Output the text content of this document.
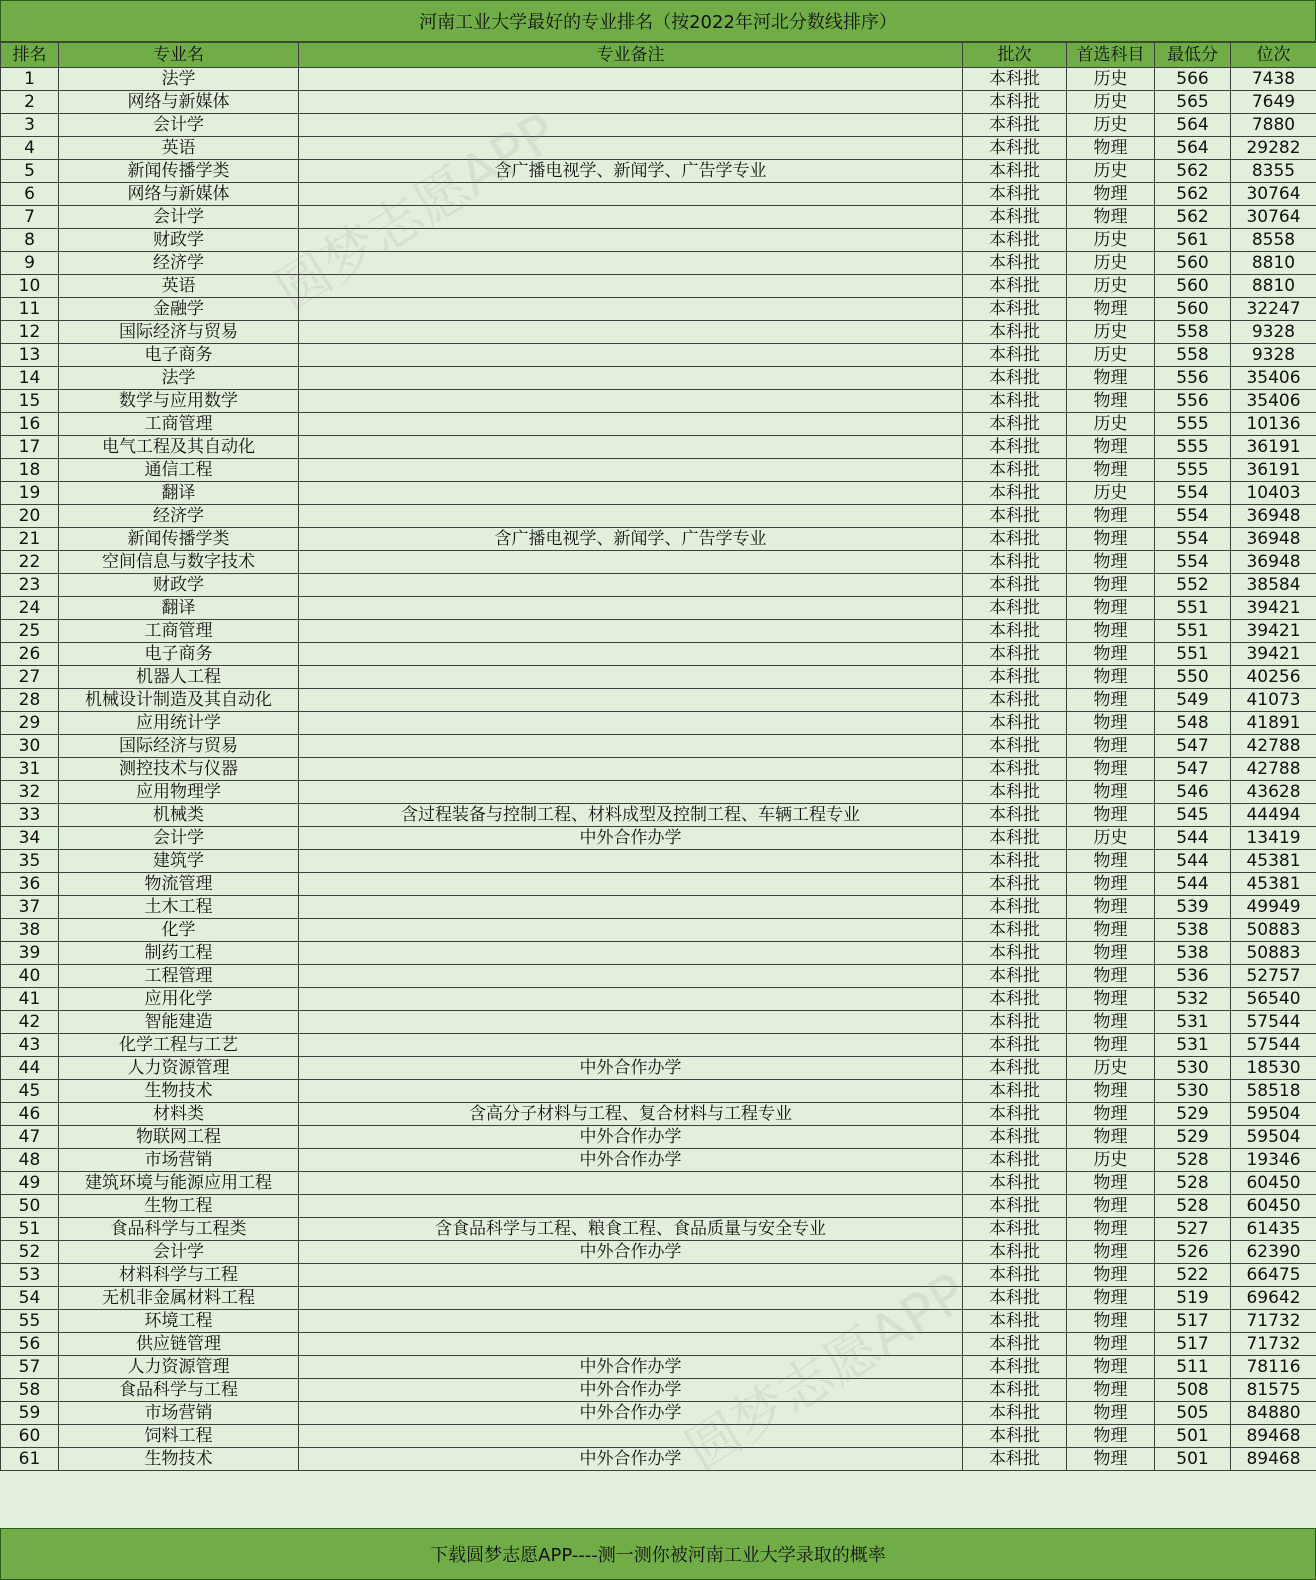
河南工业大学最好的专业排名（按2022年河北分数线排序）
排名	专业名	专业备注	批次	首选科目	最低分	位次
1	法学		本科批	历史	566	7438
2	网络与新媒体		本科批	历史	565	7649
3	会计学		本科批	历史	564	7880
4	英语		本科批	物理	564	29282
5	新闻传播学类	含广播电视学、新闻学、广告学专业	本科批	历史	562	8355
6	网络与新媒体		本科批	物理	562	30764
7	会计学		本科批	物理	562	30764
8	财政学		本科批	历史	561	8558
9	经济学		本科批	历史	560	8810
10	英语		本科批	历史	560	8810
11	金融学		本科批	物理	560	32247
12	国际经济与贸易		本科批	历史	558	9328
13	电子商务		本科批	历史	558	9328
14	法学		本科批	物理	556	35406
15	数学与应用数学		本科批	物理	556	35406
16	工商管理		本科批	历史	555	10136
17	电气工程及其自动化		本科批	物理	555	36191
18	通信工程		本科批	物理	555	36191
19	翻译		本科批	历史	554	10403
20	经济学		本科批	物理	554	36948
21	新闻传播学类	含广播电视学、新闻学、广告学专业	本科批	物理	554	36948
22	空间信息与数字技术		本科批	物理	554	36948
23	财政学		本科批	物理	552	38584
24	翻译		本科批	物理	551	39421
25	工商管理		本科批	物理	551	39421
26	电子商务		本科批	物理	551	39421
27	机器人工程		本科批	物理	550	40256
28	机械设计制造及其自动化		本科批	物理	549	41073
29	应用统计学		本科批	物理	548	41891
30	国际经济与贸易		本科批	物理	547	42788
31	测控技术与仪器		本科批	物理	547	42788
32	应用物理学		本科批	物理	546	43628
33	机械类	含过程装备与控制工程、材料成型及控制工程、车辆工程专业	本科批	物理	545	44494
34	会计学	中外合作办学	本科批	历史	544	13419
35	建筑学		本科批	物理	544	45381
36	物流管理		本科批	物理	544	45381
37	土木工程		本科批	物理	539	49949
38	化学		本科批	物理	538	50883
39	制药工程		本科批	物理	538	50883
40	工程管理		本科批	物理	536	52757
41	应用化学		本科批	物理	532	56540
42	智能建造		本科批	物理	531	57544
43	化学工程与工艺		本科批	物理	531	57544
44	人力资源管理	中外合作办学	本科批	历史	530	18530
45	生物技术		本科批	物理	530	58518
46	材料类	含高分子材料与工程、复合材料与工程专业	本科批	物理	529	59504
47	物联网工程	中外合作办学	本科批	物理	529	59504
48	市场营销	中外合作办学	本科批	历史	528	19346
49	建筑环境与能源应用工程		本科批	物理	528	60450
50	生物工程		本科批	物理	528	60450
51	食品科学与工程类	含食品科学与工程、粮食工程、食品质量与安全专业	本科批	物理	527	61435
52	会计学	中外合作办学	本科批	物理	526	62390
53	材料科学与工程		本科批	物理	522	66475
54	无机非金属材料工程		本科批	物理	519	69642
55	环境工程		本科批	物理	517	71732
56	供应链管理		本科批	物理	517	71732
57	人力资源管理	中外合作办学	本科批	物理	511	78116
58	食品科学与工程	中外合作办学	本科批	物理	508	81575
59	市场营销	中外合作办学	本科批	物理	505	84880
60	饲料工程		本科批	物理	501	89468
61	生物技术	中外合作办学	本科批	物理	501	89468
下载圆梦志愿APP----测一测你被河南工业大学录取的概率
